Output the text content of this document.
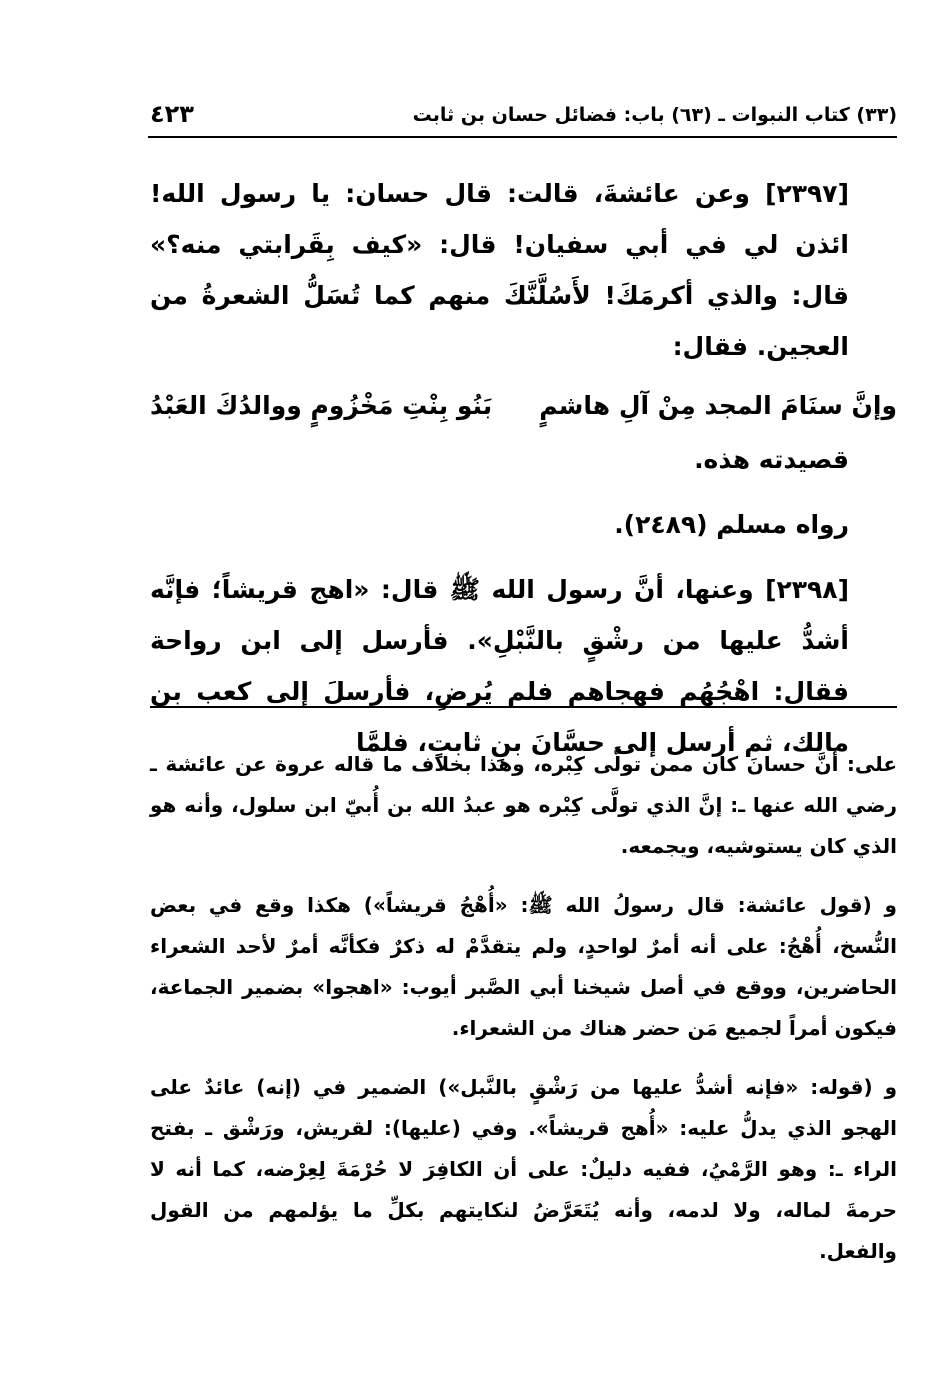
(٣٣) كتاب النبوات ـ (٦٣) باب: فضائل حسان بن ثابت
٤٢٣

[٢٣٩٧] وعن عائشةَ، قالت: قال حسان: يا رسول الله! ائذن لي في أبي سفيان! قال: «كيف بِقَرابتي منه؟» قال: والذي أكرمَكَ! لأَسُلَّنَّكَ منهم كما تُسَلُّ الشعرةُ من العجين. فقال:

وإنَّ سنَامَ المجد مِنْ آلِ هاشمٍ
بَنُو بِنْتِ مَخْزُومٍ ووالدُكَ العَبْدُ

قصيدته هذه.

رواه مسلم (٢٤٨٩).

[٢٣٩٨] وعنها، أنَّ رسول الله ﷺ قال: «اهج قريشاً؛ فإنَّه أشدُّ عليها من رشْقٍ بالنَّبْلِ». فأرسل إلى ابن رواحة فقال: اهْجُهُم فهجاهم فلم يُرضِ، فأرسلَ إلى كعب بن مالك، ثم أرسل إلى حسَّانَ بنِ ثابتٍ، فلمَّا

على: أنَّ حسانَ كان ممن تولَّى كِبْره، وهذا بخلاف ما قاله عروة عن عائشة ـ رضي الله عنها ـ: إنَّ الذي تولَّى كِبْره هو عبدُ الله بن أُبيّ ابن سلول، وأنه هو الذي كان يستوشيه، ويجمعه.

و (قول عائشة: قال رسولُ الله ﷺ: «أُهْجُ قريشاً») هكذا وقع في بعض النُّسخ، أُهْجُ: على أنه أمرٌ لواحدٍ، ولم يتقدَّمْ له ذكرٌ فكأنَّه أمرٌ لأحد الشعراء الحاضرين، ووقع في أصل شيخنا أبي الصَّبر أيوب: «اهجوا» بضمير الجماعة، فيكون أمراً لجميع مَن حضر هناك من الشعراء.

و (قوله: «فإنه أشدُّ عليها من رَشْقٍ بالنَّبل») الضمير في (إنه) عائدٌ على الهجو الذي يدلُّ عليه: «أُهج قريشاً». وفي (عليها): لقريش، ورَشْق ـ بفتح الراء ـ: وهو الرَّمْيُ، ففيه دليلٌ: على أن الكافِرَ لا حُرْمَةَ لِعِرْضه، كما أنه لا حرمةَ لماله، ولا لدمه، وأنه يُتَعَرَّضُ لنكايتهم بكلِّ ما يؤلمهم من القول والفعل.
